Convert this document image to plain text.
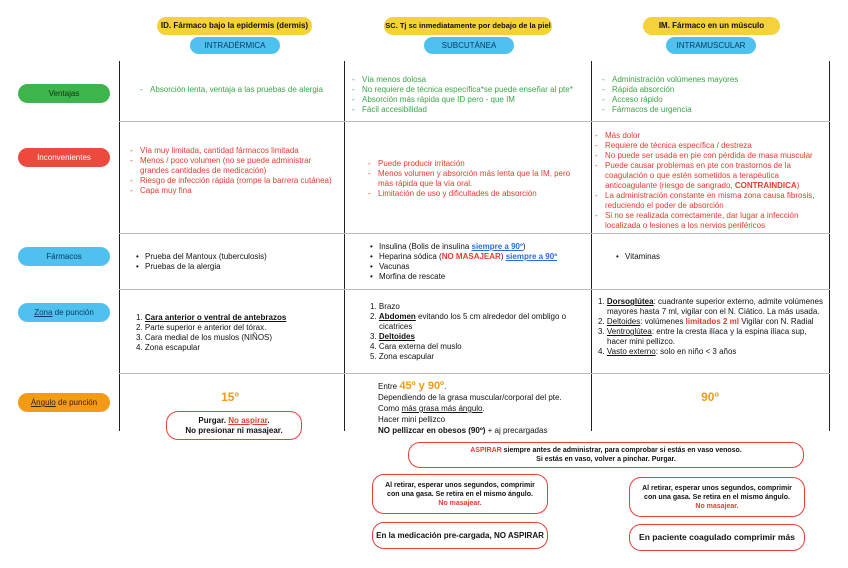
ID. Fármaco bajo la epidermis (dermis)
INTRADÉRMICA
SC. Tj sc inmediatamente por debajo de la piel
SUBCUTÁNEA
IM. Fármaco en un músculo
INTRAMUSCULAR
Ventajas
Inconvenientes
Fármacos
Zona de punción
Ángulo de punción
- Absorción lenta, ventaja a las pruebas de alergia
- Vía menos dolosa
- No requiere de técnica específica*se puede enseñar al pte*
- Absorción más rápida que ID pero - que IM
- Fácil accesibilidad
- Administración volúmenes mayores
- Rápida absorción
- Acceso rápido
- Fármacos de urgencia
- Vía muy limitada, cantidad fármacos limitada
- Menos / poco volumen (no se puede administrar grandes cantidades de medicación)
- Riesgo de infección rápida (rompe la barrera cutánea)
- Capa muy fina
- Puede producir irritación
- Menos volumen y absorción más lenta que la IM, pero más rápida que la vía oral.
- Limitación de uso y dificultades de absorción
- Más dolor
- Requiere de técnica específica / destreza
- No puede ser usada en pie con pérdida de masa muscular
- Puede causar problemas en pte con trastornos de la coagulación o que estén sometidos a terapéutica anticoagulante (riesgo de sangrado, CONTRAINDICA)
- La administración constante en misma zona causa fibrosis, reduciendo el poder de absorción
- Si no se realizada correctamente, dar lugar a infección localizada o lesiones a los nervios periféricos
• Prueba del Mantoux (tuberculosis)
• Pruebas de la alergia
• Insulina (Bolis de insulina siempre a 90º)
• Heparina sódica (NO MASAJEAR) siempre a 90º
• Vacunas
• Morfina de rescate
• Vitaminas
1. Cara anterior o ventral de antebrazos
2. Parte superior e anterior del tórax.
3. Cara medial de los muslos (NIÑOS)
4. Zona escapular
1. Brazo
2. Abdomen evitando los 5 cm alrededor del ombligo o cicatrices
3. Deltoides
4. Cara externa del muslo
5. Zona escapular
1. Dorsoglútea: cuadrante superior externo, admite volúmenes mayores hasta 7 ml, vigilar con el N. Ciático. La más usada.
2. Deltoides: volúmenes limitados 2 ml Vigilar con N. Radial
3. Ventroglútea: entre la cresta ilíaca y la espina ilíaca sup, hacer mini pellizco.
4. Vasto externo: solo en niño < 3 años
15º
Purgar. No aspirar.
No presionar ni masajear.
Entre 45º y 90º.
Dependiendo de la grasa muscular/corporal del pte.
Como más grasa más ángulo.
Hacer mini pellizco
NO pellizcar en obesos (90º) + aj precargadas
90º
ASPIRAR siempre antes de administrar, para comprobar si estás en vaso venoso.
Si estás en vaso, volver a pinchar. Purgar.
Al retirar, esperar unos segundos, comprimir con una gasa. Se retira en el mismo ángulo.
No masajear.
Al retirar, esperar unos segundos, comprimir con una gasa. Se retira en el mismo ángulo.
No masajear.
En la medicación pre-cargada, NO ASPIRAR	En paciente coagulado comprimir más
